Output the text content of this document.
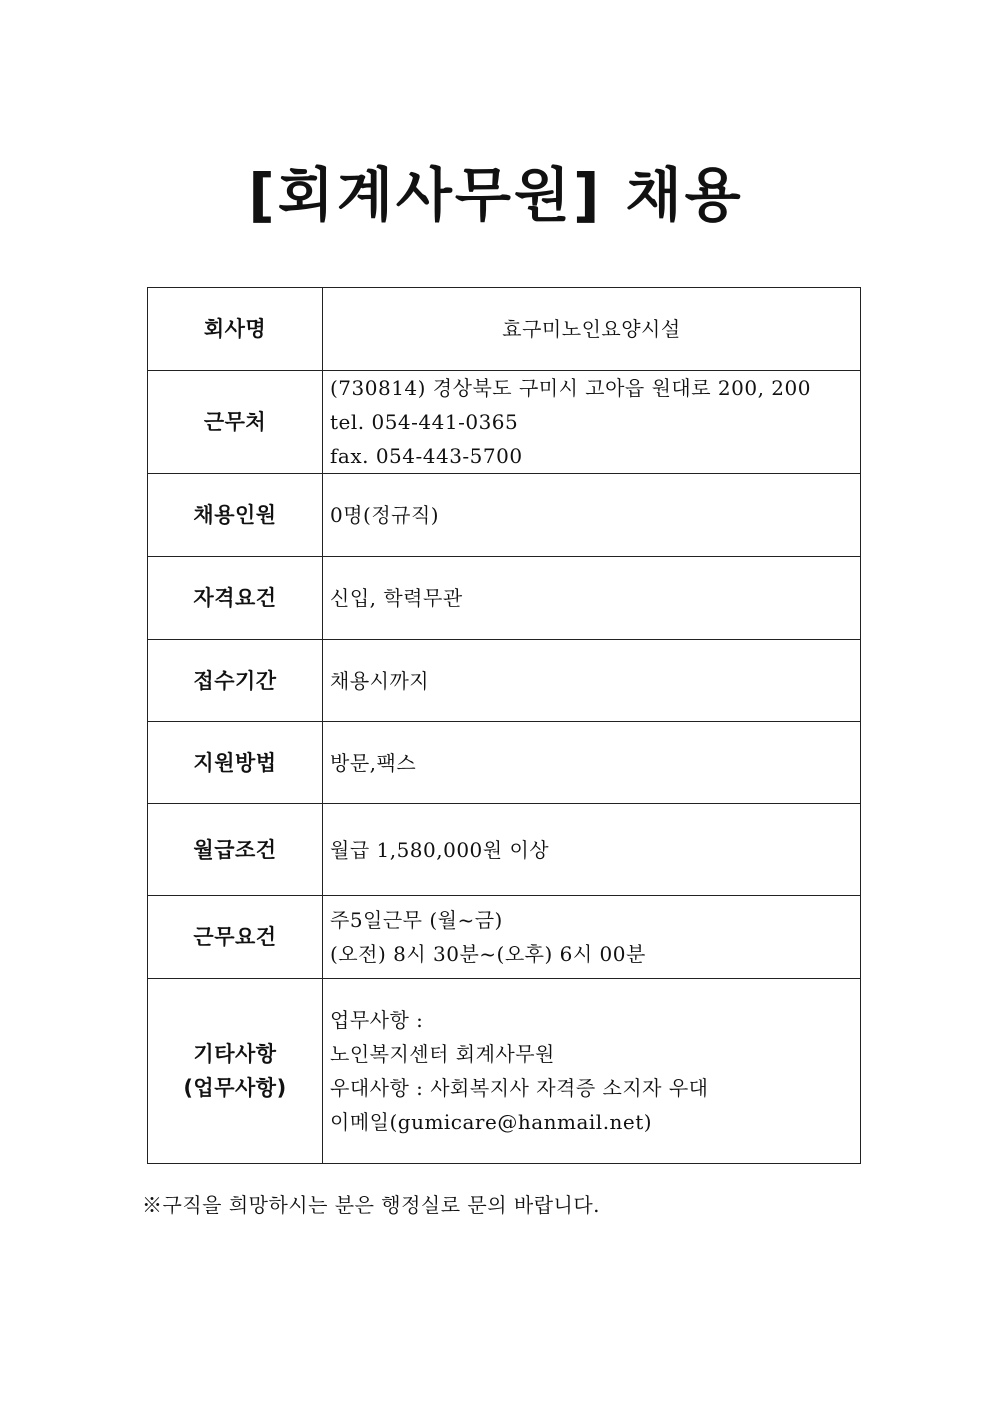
[회계사무원] 채용
회사명	효구미노인요양시설

근무처	(730814) 경상북도 구미시 고아읍 원대로 200, 200
tel. 054-441-0365
fax. 054-443-5700

채용인원	0명(정규직)

자격요건	신입, 학력무관

접수기간	채용시까지

지원방법	방문,팩스

월급조건	월급 1,580,000원 이상

근무요건	주5일근무 (월~금)
(오전) 8시 30분~(오후) 6시 00분

기타사항
(업무사항)	업무사항 :
노인복지센터 회계사무원
우대사항 : 사회복지사 자격증 소지자 우대
이메일(gumicare@hanmail.net)
※구직을 희망하시는 분은 행정실로 문의 바랍니다.
